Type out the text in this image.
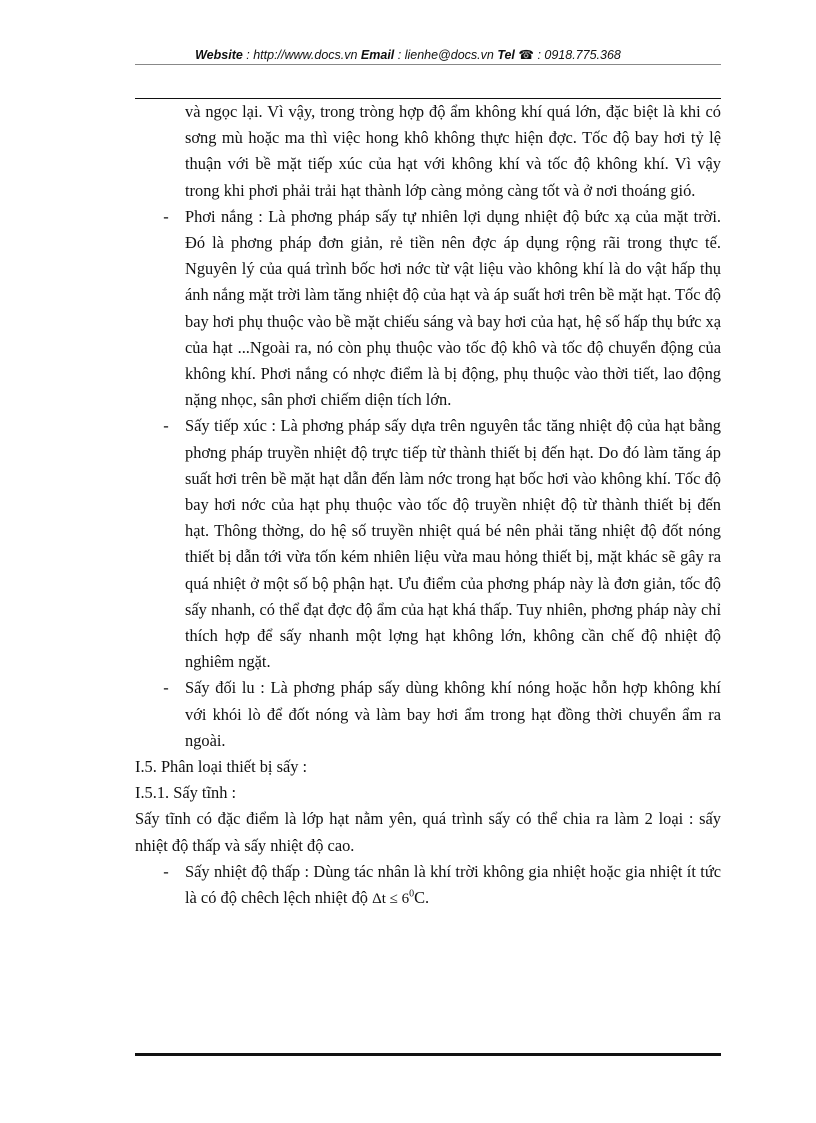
Website : http://www.docs.vn Email : lienhe@docs.vn Tel ☎ : 0918.775.368

và ngọc lại. Vì vậy, trong tròng hợp độ ẩm không khí quá lớn, đặc biệt là khi có sơng mù hoặc ma thì việc hong khô không thực hiện đợc. Tốc độ bay hơi tỷ lệ thuận với bề mặt tiếp xúc của hạt với không khí và tốc độ không khí. Vì vậy trong khi phơi phải trải hạt thành lớp càng mỏng càng tốt và ở nơi thoáng gió.

- Phơi nắng : Là phơng pháp sấy tự nhiên lợi dụng nhiệt độ bức xạ của mặt trời. Đó là phơng pháp đơn giản, rẻ tiền nên đợc áp dụng rộng rãi trong thực tế. Nguyên lý của quá trình bốc hơi nớc từ vật liệu vào không khí là do vật hấp thụ ánh nắng mặt trời làm tăng nhiệt độ của hạt và áp suất hơi trên bề mặt hạt. Tốc độ bay hơi phụ thuộc vào bề mặt chiếu sáng và bay hơi của hạt, hệ số hấp thụ bức xạ của hạt ...Ngoài ra, nó còn phụ thuộc vào tốc độ khô và tốc độ chuyển động của không khí. Phơi nắng có nhợc điểm là bị động, phụ thuộc vào thời tiết, lao động nặng nhọc, sân phơi chiếm diện tích lớn.

- Sấy tiếp xúc : Là phơng pháp sấy dựa trên nguyên tắc tăng nhiệt độ của hạt bằng phơng pháp truyền nhiệt độ trực tiếp từ thành thiết bị đến hạt. Do đó làm tăng áp suất hơi trên bề mặt hạt dẫn đến làm nớc trong hạt bốc hơi vào không khí. Tốc độ bay hơi nớc của hạt phụ thuộc vào tốc độ truyền nhiệt độ từ thành thiết bị đến hạt. Thông thờng, do hệ số truyền nhiệt quá bé nên phải tăng nhiệt độ đốt nóng thiết bị dẫn tới vừa tốn kém nhiên liệu vừa mau hỏng thiết bị, mặt khác sẽ gây ra quá nhiệt ở một số bộ phận hạt. Ưu điểm của phơng pháp này là đơn giản, tốc độ sấy nhanh, có thể đạt đợc độ ẩm của hạt khá thấp. Tuy nhiên, phơng pháp này chỉ thích hợp để sấy nhanh một lợng hạt không lớn, không cần chế độ nhiệt độ nghiêm ngặt.

- Sấy đối lu : Là phơng pháp sấy dùng không khí nóng hoặc hỗn hợp không khí với khói lò để đốt nóng và làm bay hơi ẩm trong hạt đồng thời chuyển ẩm ra ngoài.

I.5. Phân loại thiết bị sấy :

I.5.1. Sấy tĩnh :

Sấy tĩnh có đặc điểm là lớp hạt nằm yên, quá trình sấy có thể chia ra làm 2 loại : sấy nhiệt độ thấp và sấy nhiệt độ cao.

- Sấy nhiệt độ thấp : Dùng tác nhân là khí trời không gia nhiệt hoặc gia nhiệt ít tức là có độ chêch lệch nhiệt độ $\Delta t \le 6^0C$.
